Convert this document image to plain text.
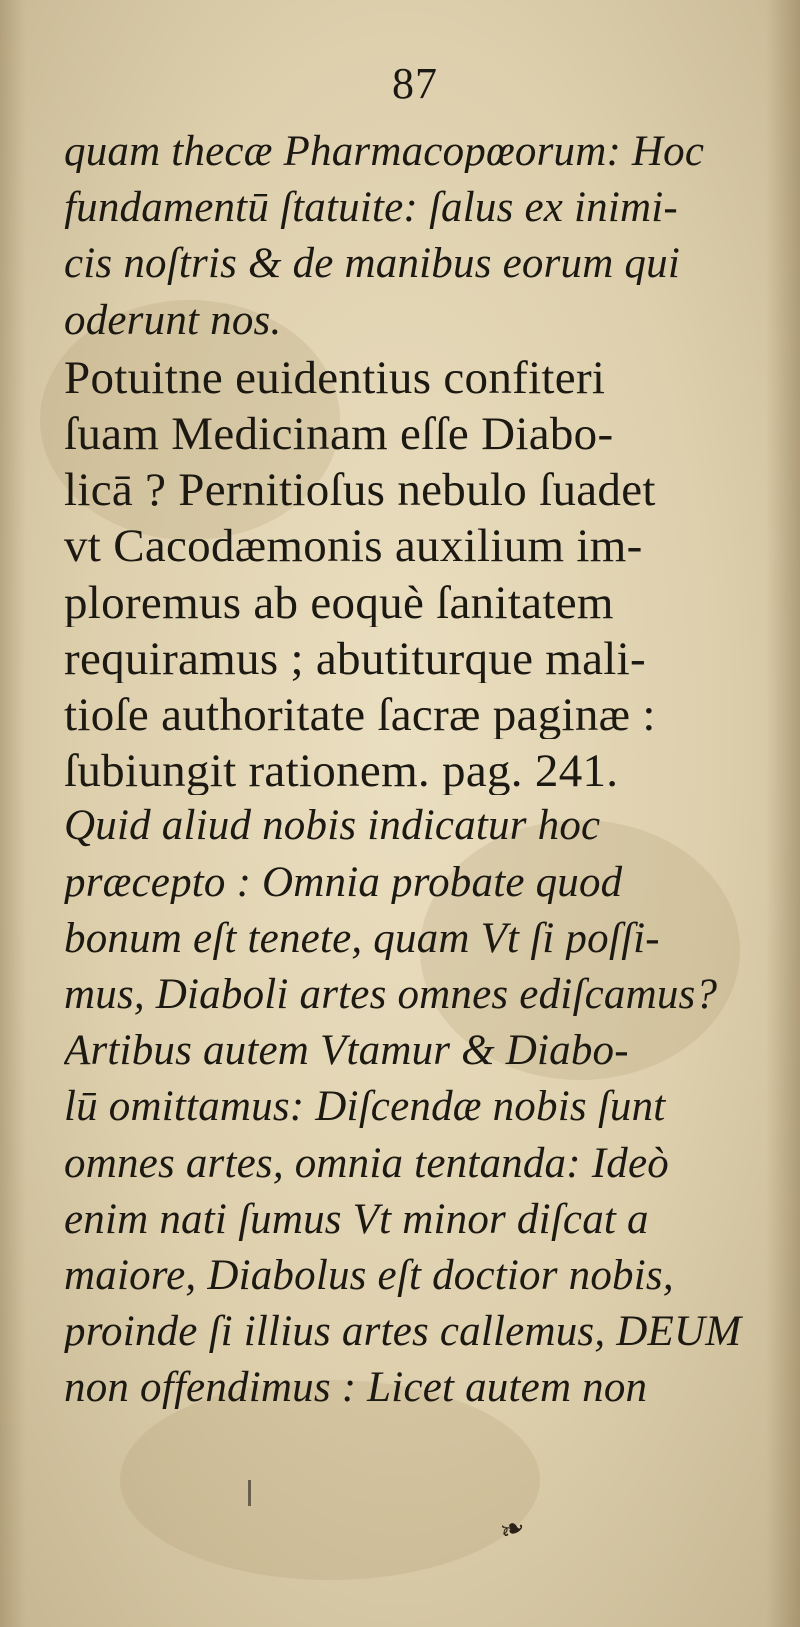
87
quam thecæ Pharmacopœorum: Hoc
fundamentū ſtatuite: ſalus ex inimi-
cis noſtris & de manibus eorum qui
oderunt nos.
Potuitne euidentius confiteri
ſuam Medicinam eſſe Diabo-
licā ? Pernitioſus nebulo ſuadet
vt Cacodæmonis auxilium im-
ploremus ab eoquè ſanitatem
requiramus ; abutiturque mali-
tioſe authoritate ſacræ paginæ :
ſubiungit rationem. pag. 241.
Quid aliud nobis indicatur hoc
præcepto : Omnia probate quod
bonum eſt tenete, quam Vt ſi poſſi-
mus, Diaboli artes omnes ediſcamus?
Artibus autem Vtamur & Diabo-
lū omittamus: Diſcendæ nobis ſunt
omnes artes, omnia tentanda: Ideò
enim nati ſumus Vt minor diſcat a
maiore, Diabolus eſt doctior nobis,
proinde ſi illius artes callemus, DEUM
non offendimus : Licet autem non
❧
